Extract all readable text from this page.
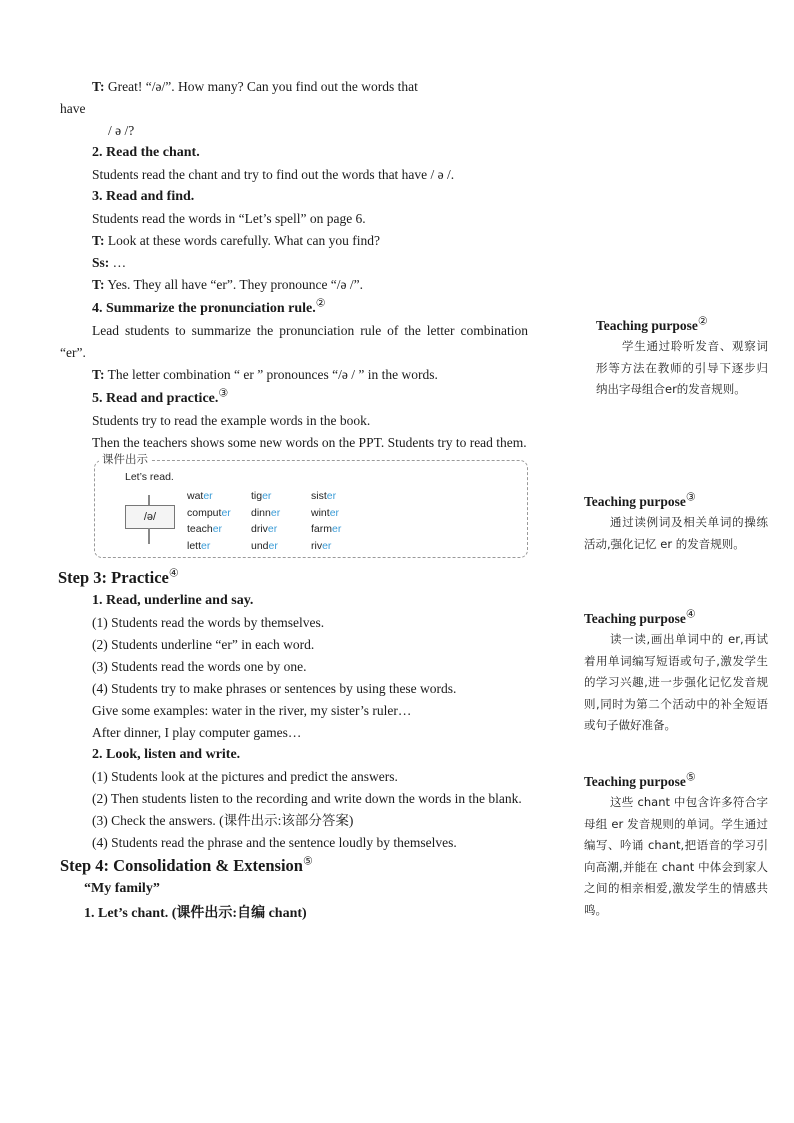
T: Great! “/ə/”. How many? Can you find out the words that

have

/ ə /?

2. Read the chant.

Students read the chant and try to find out the words that have / ə /.

3. Read and find.

Students read the words in “Let’s spell” on page 6.

T: Look at these words carefully. What can you find?

Ss: …

T: Yes. They all have “er”. They pronounce “/ə /”.

4. Summarize the pronunciation rule.②

Lead students to summarize the pronunciation rule of the letter combination “er”.

T: The letter combination “ er ” pronounces “/ə / ” in the words.

5. Read and practice.③

Students try to read the example words in the book.

Then the teachers shows some new words on the PPT. Students try to read them.

课件出示
Let’s read.
/ə/
water
computer
teacher
letter
tiger
dinner
driver
under
sister
winter
farmer
river

Step 3: Practice④

1. Read, underline and say.

(1) Students read the words by themselves.

(2) Students underline “er” in each word.

(3) Students read the words one by one.

(4) Students try to make phrases or sentences by using these words.

Give some examples: water in the river, my sister’s ruler…

After dinner, I play computer games…

2. Look, listen and write.

(1) Students look at the pictures and predict the answers.

(2) Then students listen to the recording and write down the words in the blank.

(3) Check the answers. (课件出示:该部分答案)

(4) Students read the phrase and the sentence loudly by themselves.

Step 4: Consolidation & Extension⑤

“My family”

1. Let’s chant. (课件出示:自编 chant)

Teaching purpose②
学生通过聆听发音、观察词形等方法在教师的引导下逐步归纳出字母组合er的发音规则。
Teaching purpose③
通过读例词及相关单词的操练活动,强化记忆 er 的发音规则。
Teaching purpose④
读一读,画出单词中的 er,再试着用单词编写短语或句子,激发学生的学习兴趣,进一步强化记忆发音规则,同时为第二个活动中的补全短语或句子做好准备。
Teaching purpose⑤
这些 chant 中包含许多符合字母组 er 发音规则的单词。学生通过编写、吟诵 chant,把语音的学习引向高潮,并能在 chant 中体会到家人之间的相亲相爱,激发学生的情感共鸣。
